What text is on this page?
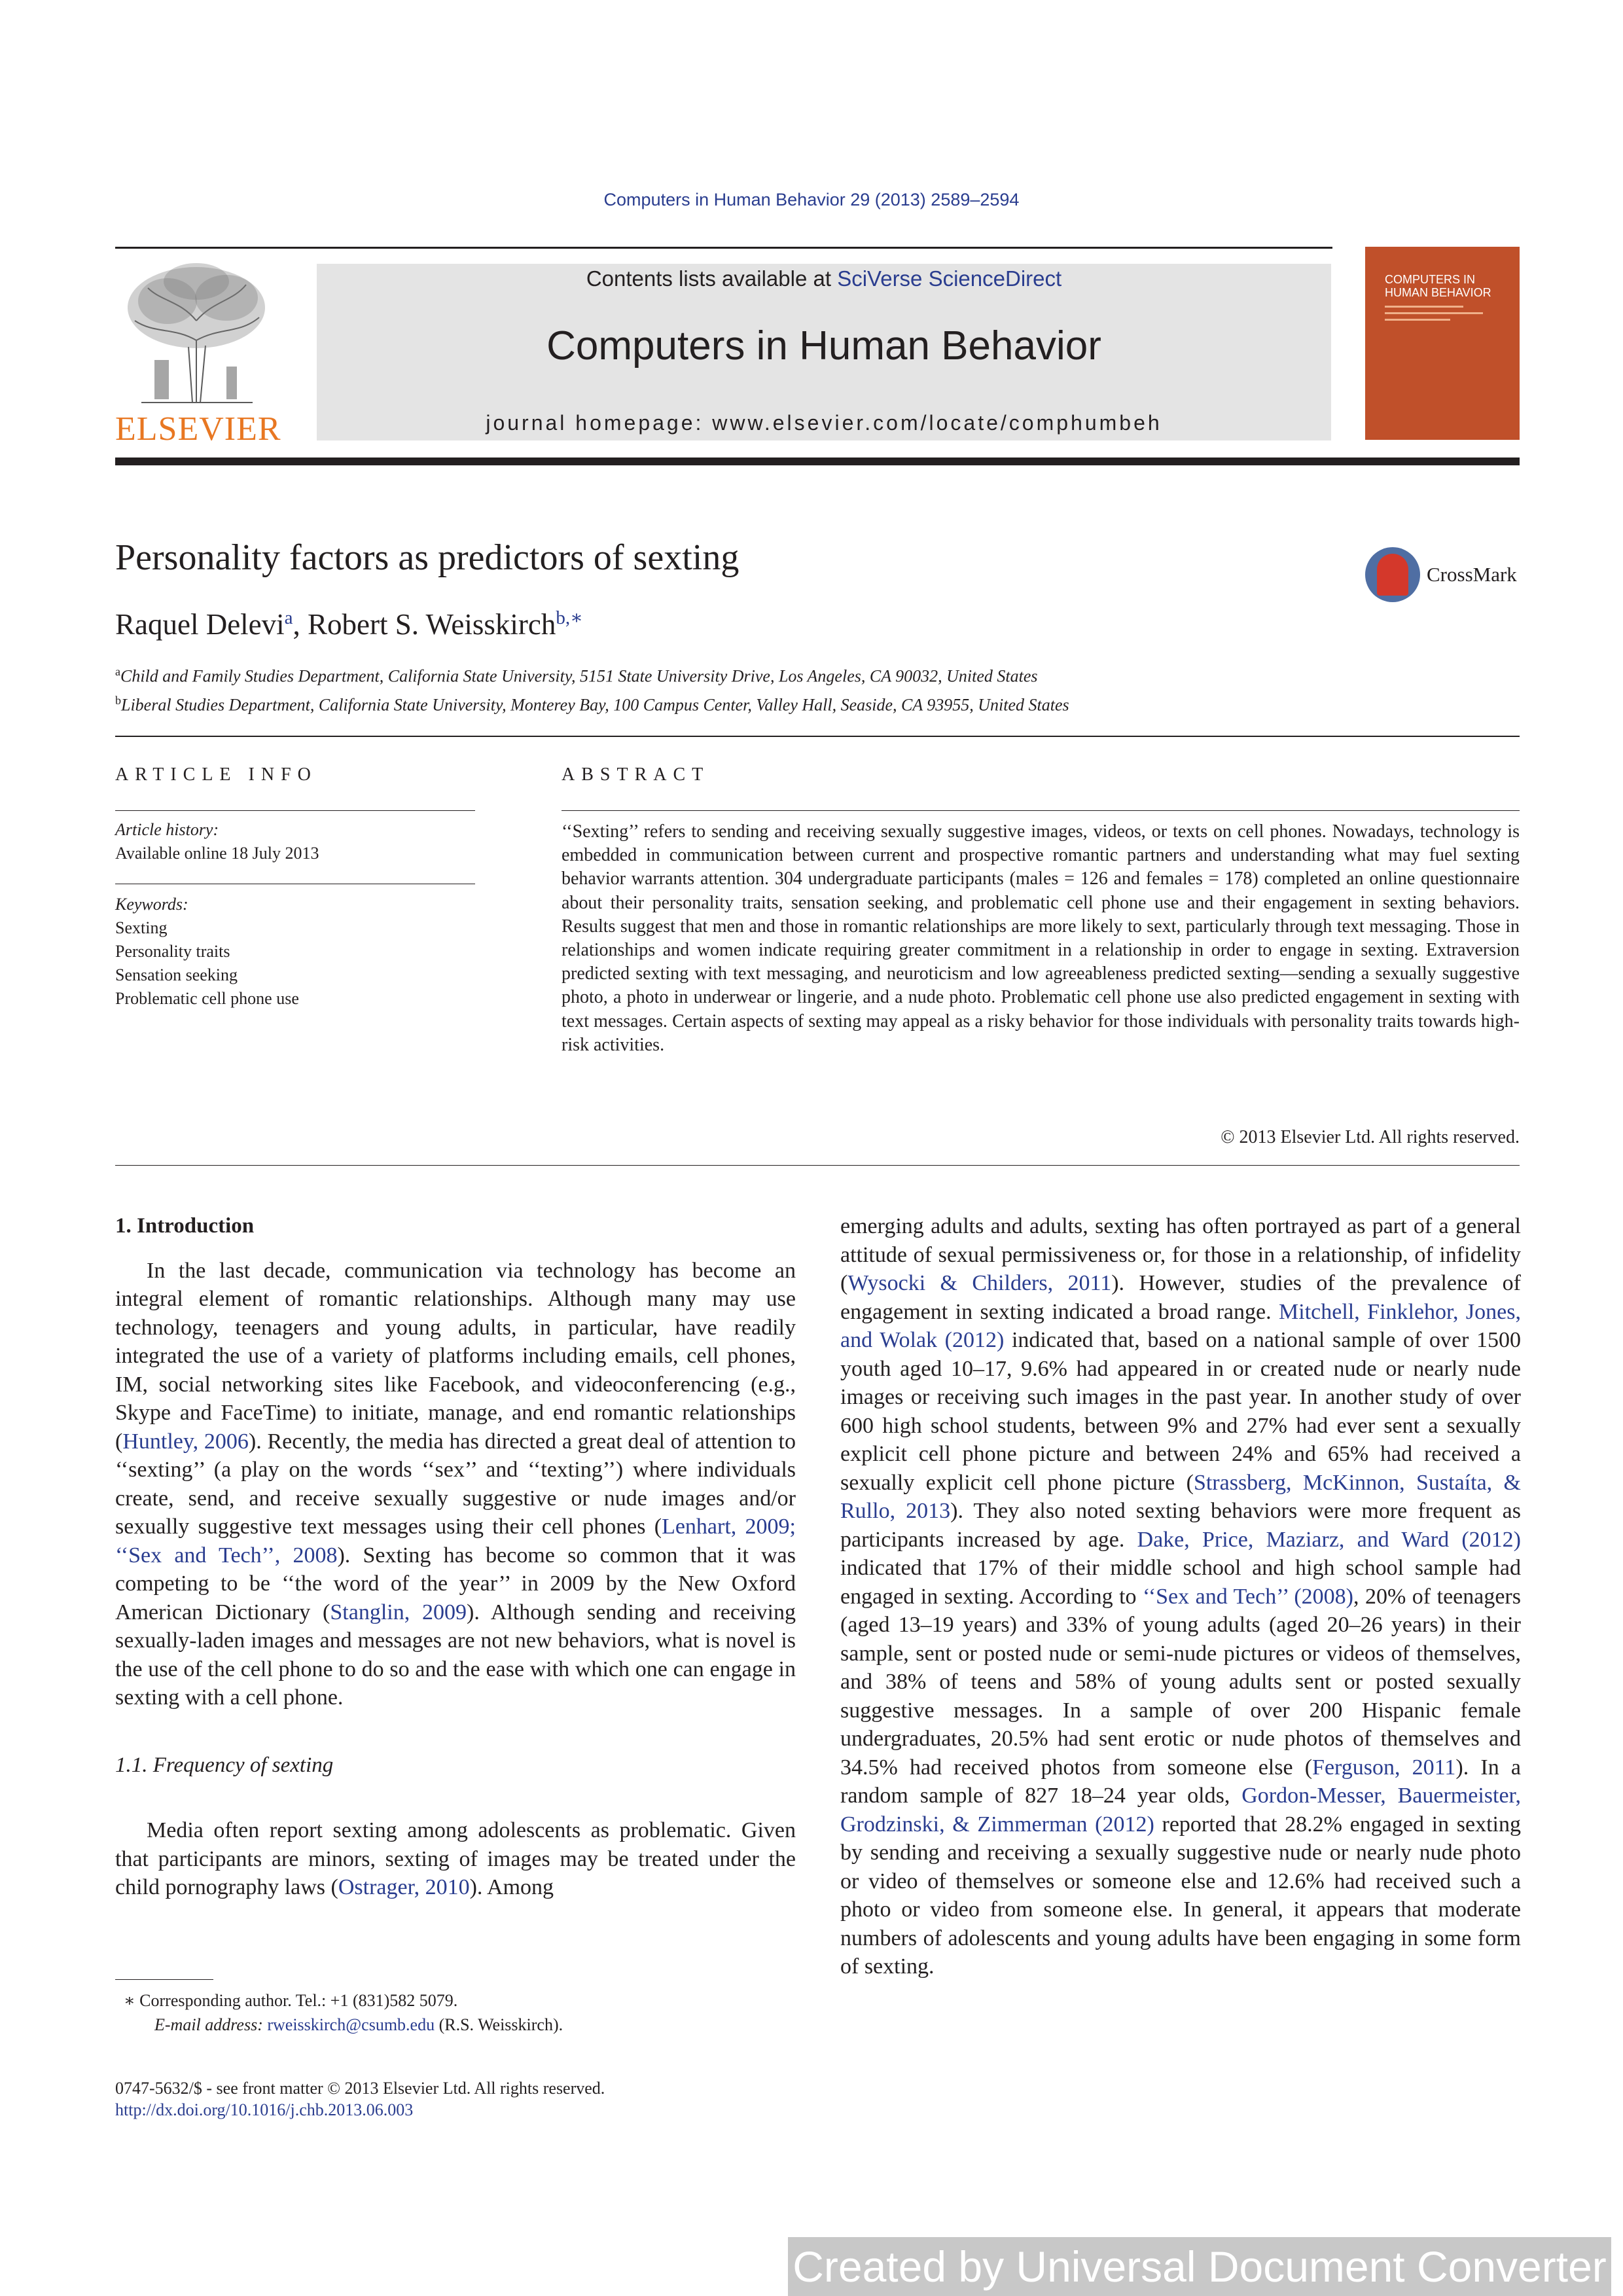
Computers in Human Behavior 29 (2013) 2589–2594
ELSEVIER
Contents lists available at SciVerse ScienceDirect
Computers in Human Behavior
journal homepage: www.elsevier.com/locate/comphumbeh
COMPUTERS IN
HUMAN BEHAVIOR
Personality factors as predictors of sexting	CrossMark
Raquel Delevi$^a$, Robert S. Weisskirch$^{b,∗}$
$^a$Child and Family Studies Department, California State University, 5151 State University Drive, Los Angeles, CA 90032, United States
$^b$Liberal Studies Department, California State University, Monterey Bay, 100 Campus Center, Valley Hall, Seaside, CA 93955, United States
ARTICLE INFO
Article history:
Available online 18 July 2013
Keywords:
Sexting
Personality traits
Sensation seeking
Problematic cell phone use
ABSTRACT
‘‘Sexting’’ refers to sending and receiving sexually suggestive images, videos, or texts on cell phones. Nowadays, technology is embedded in communication between current and prospective romantic partners and understanding what may fuel sexting behavior warrants attention. 304 undergraduate participants (males = 126 and females = 178) completed an online questionnaire about their personality traits, sensation seeking, and problematic cell phone use and their engagement in sexting behaviors. Results suggest that men and those in romantic relationships are more likely to sext, particularly through text messaging. Those in relationships and women indicate requiring greater commitment in a relationship in order to engage in sexting. Extraversion predicted sexting with text messaging, and neuroticism and low agreeableness predicted sexting—sending a sexually suggestive photo, a photo in underwear or lingerie, and a nude photo. Problematic cell phone use also predicted engagement in sexting with text messages. Certain aspects of sexting may appeal as a risky behavior for those individuals with personality traits towards high-risk activities.
© 2013 Elsevier Ltd. All rights reserved.
1. Introduction

In the last decade, communication via technology has become an integral element of romantic relationships. Although many may use technology, teenagers and young adults, in particular, have readily integrated the use of a variety of platforms including emails, cell phones, IM, social networking sites like Facebook, and videoconferencing (e.g., Skype and FaceTime) to initiate, manage, and end romantic relationships (Huntley, 2006). Recently, the media has directed a great deal of attention to ‘‘sexting’’ (a play on the words ‘‘sex’’ and ‘‘texting’’) where individuals create, send, and receive sexually suggestive or nude images and/or sexually suggestive text messages using their cell phones (Lenhart, 2009; ‘‘Sex and Tech’’, 2008). Sexting has become so common that it was competing to be ‘‘the word of the year’’ in 2009 by the New Oxford American Dictionary (Stanglin, 2009). Although sending and receiving sexually-laden images and messages are not new behaviors, what is novel is the use of the cell phone to do so and the ease with which one can engage in sexting with a cell phone.

1.1. Frequency of sexting

Media often report sexting among adolescents as problematic. Given that participants are minors, sexting of images may be treated under the child pornography laws (Ostrager, 2010). Among

emerging adults and adults, sexting has often portrayed as part of a general attitude of sexual permissiveness or, for those in a relationship, of infidelity (Wysocki & Childers, 2011). However, studies of the prevalence of engagement in sexting indicated a broad range. Mitchell, Finklehor, Jones, and Wolak (2012) indicated that, based on a national sample of over 1500 youth aged 10–17, 9.6% had appeared in or created nude or nearly nude images or receiving such images in the past year. In another study of over 600 high school students, between 9% and 27% had ever sent a sexually explicit cell phone picture and between 24% and 65% had received a sexually explicit cell phone picture (Strassberg, McKinnon, Sustaíta, & Rullo, 2013). They also noted sexting behaviors were more frequent as participants increased by age. Dake, Price, Maziarz, and Ward (2012) indicated that 17% of their middle school and high school sample had engaged in sexting. According to ‘‘Sex and Tech’’ (2008), 20% of teenagers (aged 13–19 years) and 33% of young adults (aged 20–26 years) in their sample, sent or posted nude or semi-nude pictures or videos of themselves, and 38% of teens and 58% of young adults sent or posted sexually suggestive messages. In a sample of over 200 Hispanic female undergraduates, 20.5% had sent erotic or nude photos of themselves and 34.5% had received photos from someone else (Ferguson, 2011). In a random sample of 827 18–24 year olds, Gordon-Messer, Bauermeister, Grodzinski, & Zimmerman (2012) reported that 28.2% engaged in sexting by sending and receiving a sexually suggestive nude or nearly nude photo or video of themselves or someone else and 12.6% had received such a photo or video from someone else. In general, it appears that moderate numbers of adolescents and young adults have been engaging in some form of sexting.

∗ Corresponding author. Tel.: +1 (831)582 5079.
E-mail address: rweisskirch@csumb.edu (R.S. Weisskirch).
0747-5632/$ - see front matter © 2013 Elsevier Ltd. All rights reserved.
http://dx.doi.org/10.1016/j.chb.2013.06.003
Created by Universal Document Converter
